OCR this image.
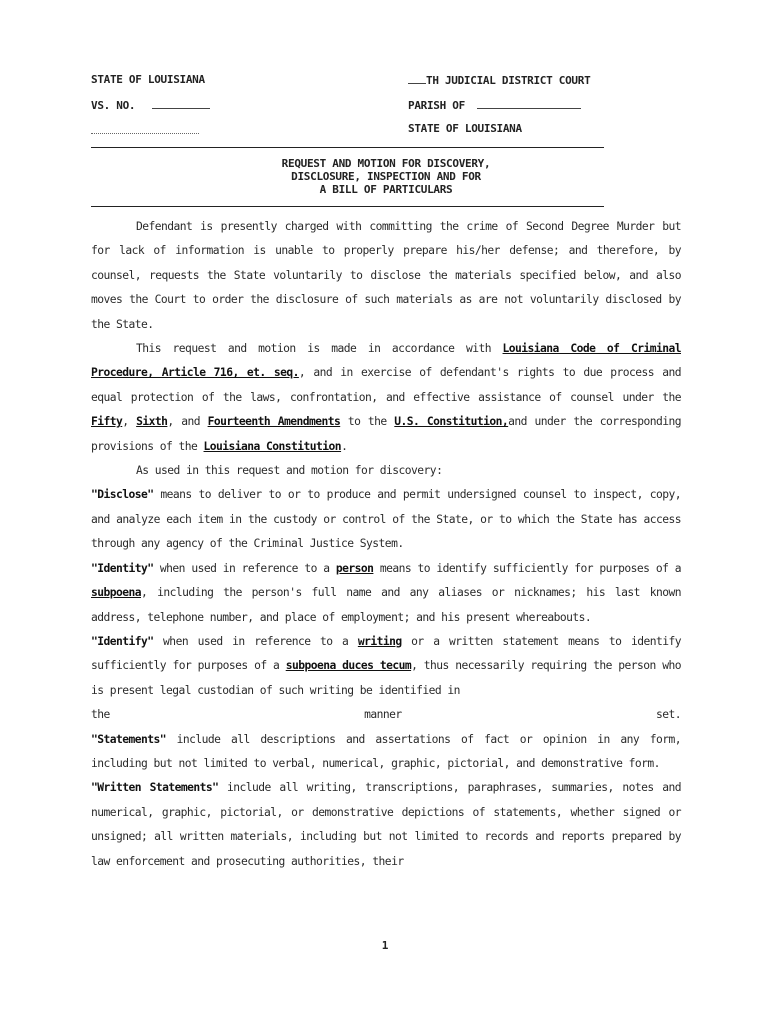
STATE OF LOUISIANA
VS. NO.
TH JUDICIAL DISTRICT COURT
PARISH OF
STATE OF LOUISIANA
REQUEST AND MOTION FOR DISCOVERY,
DISCLOSURE, INSPECTION AND FOR
A BILL OF PARTICULARS

Defendant is presently charged with committing the crime of Second Degree Murder but for lack of information is unable to properly prepare his/her defense; and therefore, by counsel, requests the State voluntarily to disclose the materials specified below, and also moves the Court to order the disclosure of such materials as are not voluntarily disclosed by the State.

This request and motion is made in accordance with Louisiana Code of Criminal Procedure, Article 716, et. seq., and in exercise of defendant's rights to due process and equal protection of the laws, confrontation, and effective assistance of counsel under the Fifty, Sixth, and Fourteenth Amendments to the U.S. Constitution,and under the corresponding provisions of the Louisiana Constitution.

As used in this request and motion for discovery:

"Disclose" means to deliver to or to produce and permit undersigned counsel to inspect, copy, and analyze each item in the custody or control of the State, or to which the State has access through any agency of the Criminal Justice System.

"Identity" when used in reference to a person means to identify sufficiently for purposes of a subpoena, including the person's full name and any aliases or nicknames; his last known address, telephone number, and place of employment; and his present whereabouts.

"Identify" when used in reference to a writing or a written statement means to identify sufficiently for purposes of a subpoena duces tecum, thus necessarily requiring the person who is present legal custodian of such writing be identified in

the	manner	set.

"Statements" include all descriptions and assertations of fact or opinion in any form, including but not limited to verbal, numerical, graphic, pictorial, and demonstrative form.

"Written Statements" include all writing, transcriptions, paraphrases, summaries, notes and numerical, graphic, pictorial, or demonstrative depictions of statements, whether signed or unsigned; all written materials, including but not limited to records and reports prepared by law enforcement and prosecuting authorities, their

1
